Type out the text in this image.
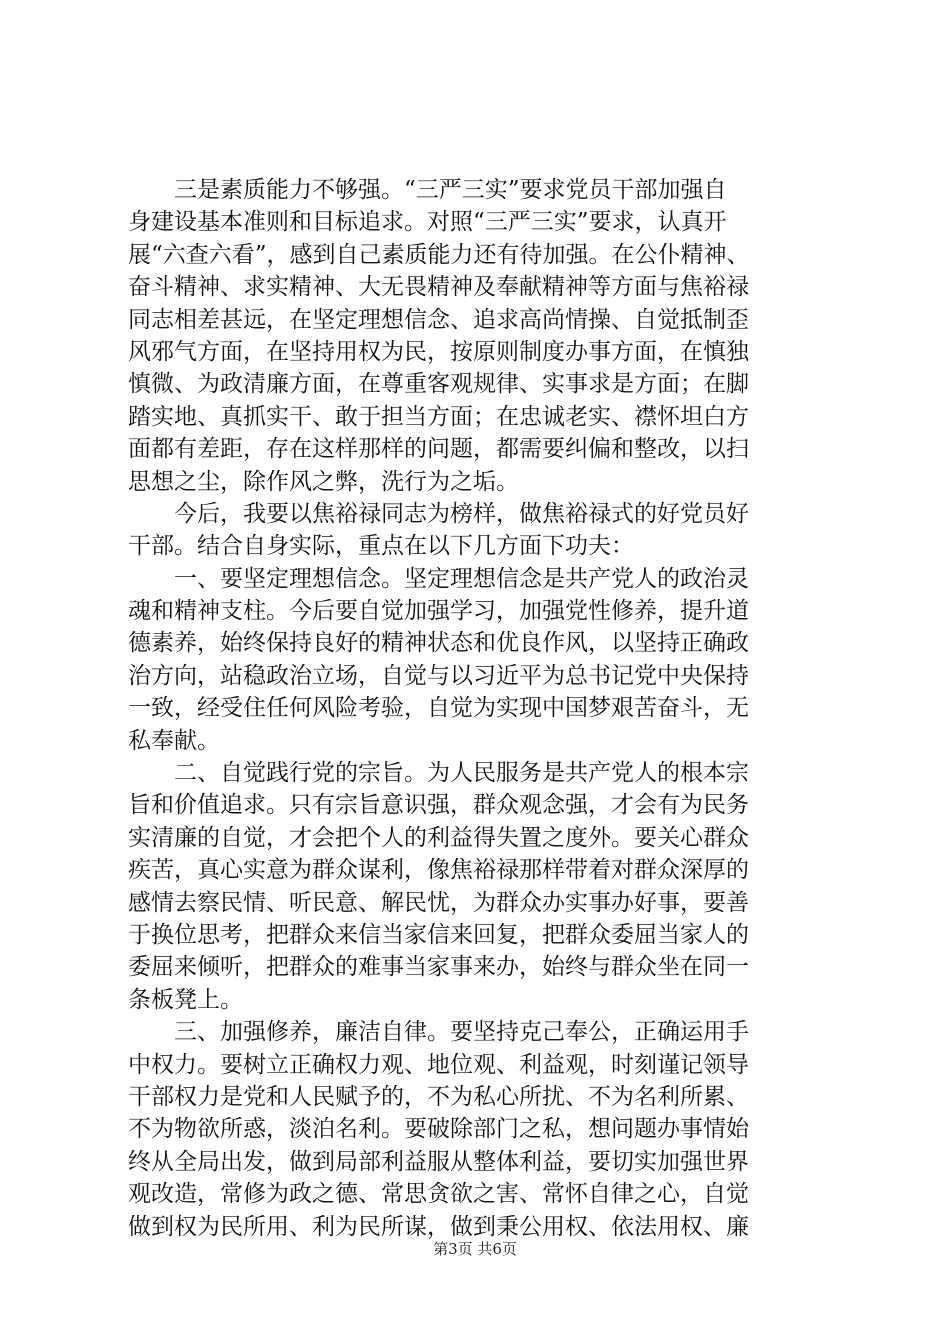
　　三是素质能力不够强。“三严三实”要求党员干部加强自
身建设基本准则和目标追求。对照“三严三实”要求，认真开
展“六查六看”，感到自己素质能力还有待加强。在公仆精神、
奋斗精神、求实精神、大无畏精神及奉献精神等方面与焦裕禄
同志相差甚远，在坚定理想信念、追求高尚情操、自觉抵制歪
风邪气方面，在坚持用权为民，按原则制度办事方面，在慎独
慎微、为政清廉方面，在尊重客观规律、实事求是方面；在脚
踏实地、真抓实干、敢于担当方面；在忠诚老实、襟怀坦白方
面都有差距，存在这样那样的问题，都需要纠偏和整改，以扫
思想之尘，除作风之弊，洗行为之垢。
　　今后，我要以焦裕禄同志为榜样，做焦裕禄式的好党员好
干部。结合自身实际，重点在以下几方面下功夫：
　　一、要坚定理想信念。坚定理想信念是共产党人的政治灵
魂和精神支柱。今后要自觉加强学习，加强党性修养，提升道
德素养，始终保持良好的精神状态和优良作风，以坚持正确政
治方向，站稳政治立场，自觉与以习近平为总书记党中央保持
一致，经受住任何风险考验，自觉为实现中国梦艰苦奋斗，无
私奉献。
　　二、自觉践行党的宗旨。为人民服务是共产党人的根本宗
旨和价值追求。只有宗旨意识强，群众观念强，才会有为民务
实清廉的自觉，才会把个人的利益得失置之度外。要关心群众
疾苦，真心实意为群众谋利，像焦裕禄那样带着对群众深厚的
感情去察民情、听民意、解民忧，为群众办实事办好事，要善
于换位思考，把群众来信当家信来回复，把群众委屈当家人的
委屈来倾听，把群众的难事当家事来办，始终与群众坐在同一
条板凳上。
　　三、加强修养，廉洁自律。要坚持克己奉公，正确运用手
中权力。要树立正确权力观、地位观、利益观，时刻谨记领导
干部权力是党和人民赋予的，不为私心所扰、不为名利所累、
不为物欲所惑，淡泊名利。要破除部门之私，想问题办事情始
终从全局出发，做到局部利益服从整体利益，要切实加强世界
观改造，常修为政之德、常思贪欲之害、常怀自律之心，自觉
做到权为民所用、利为民所谋，做到秉公用权、依法用权、廉
第3页 共6页
